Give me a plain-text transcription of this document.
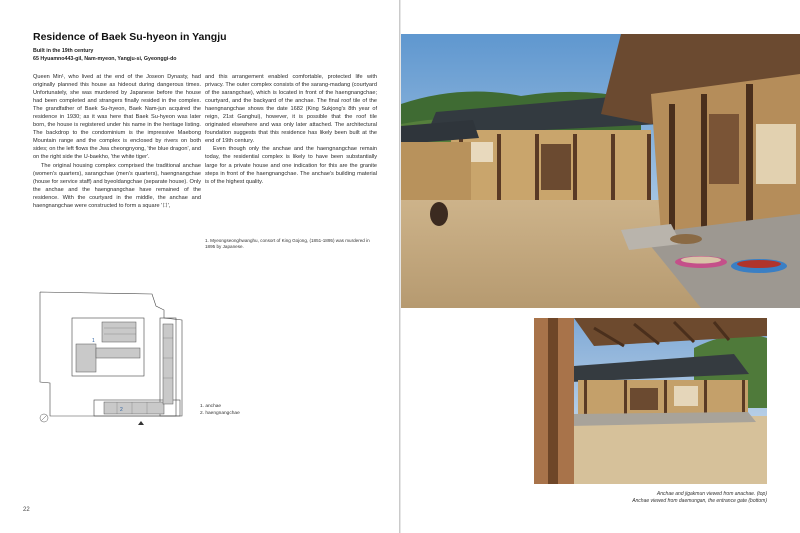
Residence of Baek Su-hyeon in Yangju
Built in the 19th century
65 Hyuamno443-gil, Nam-myeon, Yangju-si, Gyeonggi-do

Queen Min¹, who lived at the end of the Joseon Dynasty, had originally planned this house as hideout during dangerous times. Unfortunately, she was murdered by Japanese before the house had been completed and strangers finally resided in the complex. The grandfather of Baek Su-hyeon, Baek Nam-jun acquired the residence in 1930; as it was here that Baek Su-hyeon was later born, the house is registered under his name in the heritage listing. The backdrop to the condominium is the impressive Maebong Mountain range and the complex is enclosed by rivers on both sides; on the left flows the Jwa cheongnyong, 'the blue dragon', and on the right side the U-baekho, 'the white tiger'.

The original housing complex comprised the traditional anchae (women's quarters), sarangchae (men's quarters), haengnangchae (house for service staff) and byeoldangchae (separate house). Only the anchae and the haengnangchae have remained of the residence. With the courtyard in the middle, the anchae and haengnangchae were constructed to form a square '口',

and this arrangement enabled comfortable, protected life with privacy. The outer complex consists of the sarang-madang (courtyard of the sarangchae), which is located in front of the haengnangchae; courtyard, and the backyard of the anchae. The final roof tile of the haengnangchae shows the date 1682 (King Sukjong's 8th year of reign, 21st Ganghui), however, it is possible that the roof tile originated elsewhere and was only later attached. The architectural foundation suggests that this residence has likely been built at the end of 19th century.

Even though only the anchae and the haengnangchae remain today, the residential complex is likely to have been substantially large for a private house and one indication for this are the granite steps in front of the haengnangchae. The anchae's building material is of the highest quality.

1. Myeongseonghwanghu, consort of King Gojong, (1851-1895) was murdered in 1895 by Japanese.
1
2
1. anchae
2. haengnangchae
22
Anchae and jigakmun viewed from anachae. (top)
Anchae viewed from daemungan, the entrance gate (bottom)
